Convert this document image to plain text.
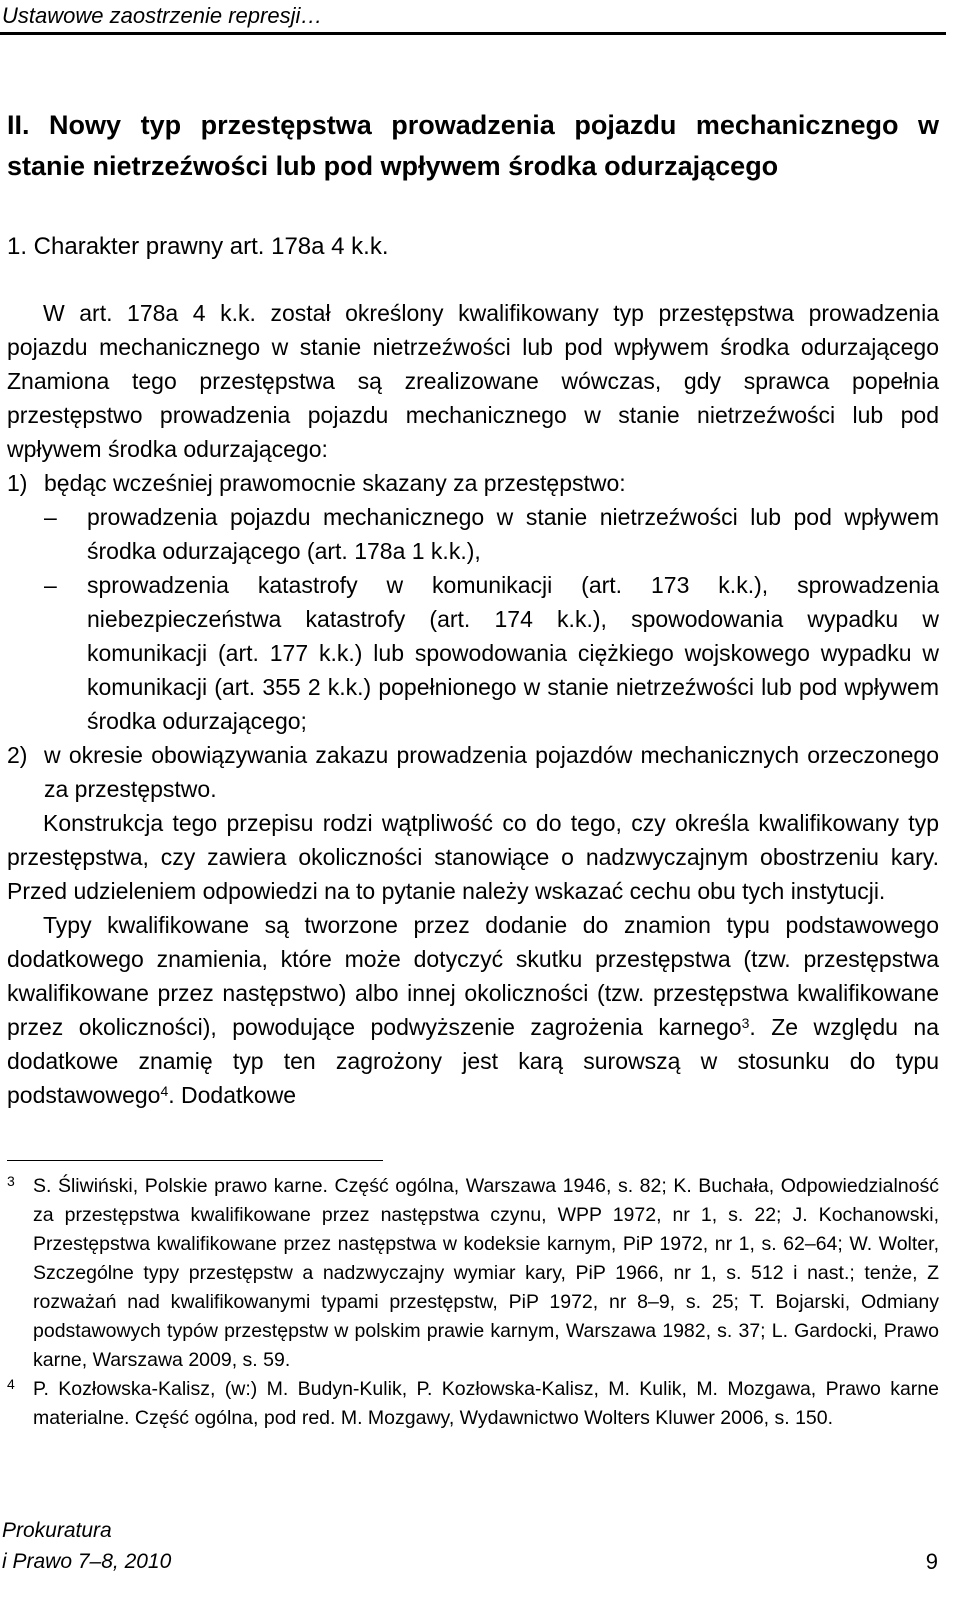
Ustawowe zaostrzenie represji…
II. Nowy typ przestępstwa prowadzenia pojazdu mechanicznego w stanie nietrzeźwości lub pod wpływem środka odurzającego
1. Charakter prawny art. 178a 4 k.k.

W art. 178a 4 k.k. został określony kwalifikowany typ przestępstwa prowadzenia pojazdu mechanicznego w stanie nietrzeźwości lub pod wpływem środka odurzającego Znamiona tego przestępstwa są zrealizowane wówczas, gdy sprawca popełnia przestępstwo prowadzenia pojazdu mechanicznego w stanie nietrzeźwości lub pod wpływem środka odurzającego:

1) będąc wcześniej prawomocnie skazany za przestępstwo:
–	prowadzenia pojazdu mechanicznego w stanie nietrzeźwości lub pod wpływem środka odurzającego (art. 178a 1 k.k.),
–	sprowadzenia katastrofy w komunikacji (art. 173 k.k.), sprowadzenia niebezpieczeństwa katastrofy (art. 174 k.k.), spowodowania wypadku w komunikacji (art. 177 k.k.) lub spowodowania ciężkiego wojskowego wypadku w komunikacji (art. 355 2 k.k.) popełnionego w stanie nietrzeźwości lub pod wpływem środka odurzającego;
2) w okresie obowiązywania zakazu prowadzenia pojazdów mechanicznych orzeczonego za przestępstwo.

Konstrukcja tego przepisu rodzi wątpliwość co do tego, czy określa kwalifikowany typ przestępstwa, czy zawiera okoliczności stanowiące o nadzwyczajnym obostrzeniu kary. Przed udzieleniem odpowiedzi na to pytanie należy wskazać cechu obu tych instytucji.

Typy kwalifikowane są tworzone przez dodanie do znamion typu podstawowego dodatkowego znamienia, które może dotyczyć skutku przestępstwa (tzw. przestępstwa kwalifikowane przez następstwo) albo innej okoliczności (tzw. przestępstwa kwalifikowane przez okoliczności), powodujące podwyższenie zagrożenia karnego$^3$. Ze względu na dodatkowe znamię typ ten zagrożony jest karą surowszą w stosunku do typu podstawowego$^4$. Dodatkowe

3 S. Śliwiński, Polskie prawo karne. Część ogólna, Warszawa 1946, s. 82; K. Buchała, Odpowiedzialność za przestępstwa kwalifikowane przez następstwa czynu, WPP 1972, nr 1, s. 22; J. Kochanowski, Przestępstwa kwalifikowane przez następstwa w kodeksie karnym, PiP 1972, nr 1, s. 62–64; W. Wolter, Szczególne typy przestępstw a nadzwyczajny wymiar kary, PiP 1966, nr 1, s. 512 i nast.; tenże, Z rozważań nad kwalifikowanymi typami przestępstw, PiP 1972, nr 8–9, s. 25; T. Bojarski, Odmiany podstawowych typów przestępstw w polskim prawie karnym, Warszawa 1982, s. 37; L. Gardocki, Prawo karne, Warszawa 2009, s. 59.
4 P. Kozłowska-Kalisz, (w:) M. Budyn-Kulik, P. Kozłowska-Kalisz, M. Kulik, M. Mozgawa, Prawo karne materialne. Część ogólna, pod red. M. Mozgawy, Wydawnictwo Wolters Kluwer 2006, s. 150.
Prokuratura
i Prawo 7–8, 2010	9
